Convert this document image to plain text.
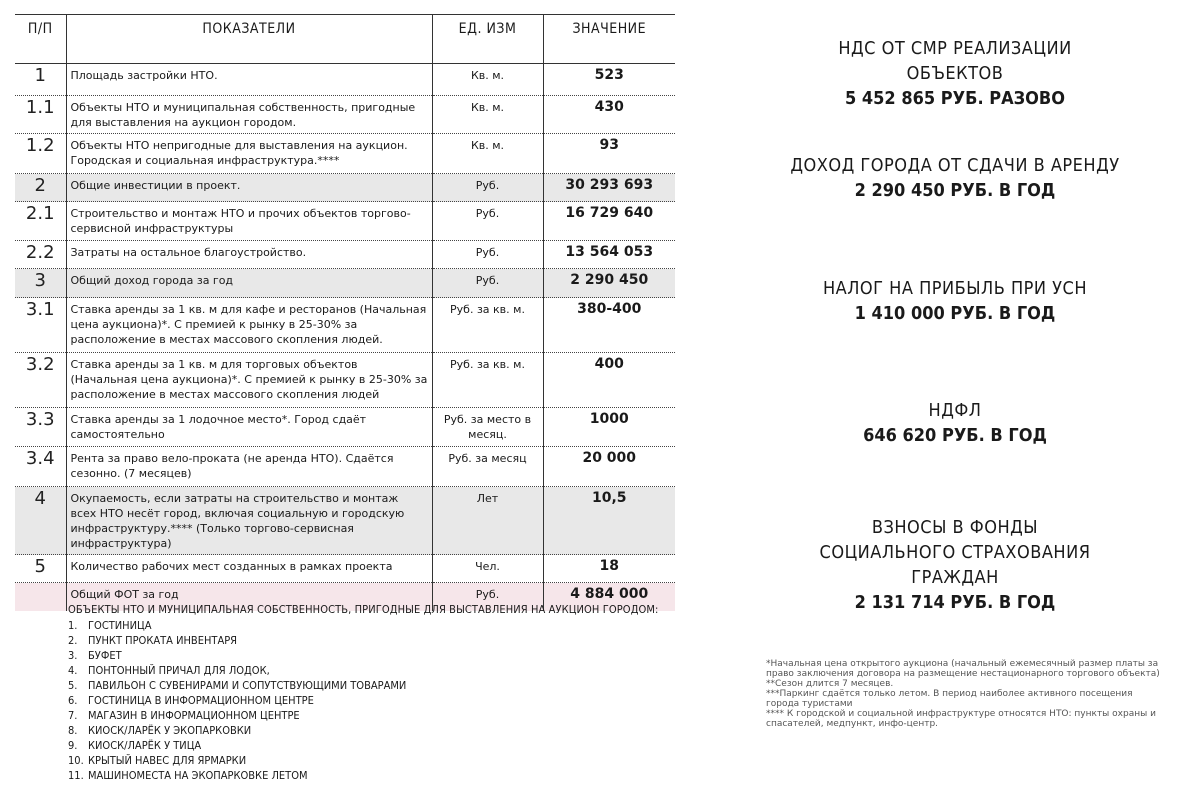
П/П	ПОКАЗАТЕЛИ	ЕД. ИЗМ	ЗНАЧЕНИЕ
1	Площадь застройки НТО.	Кв. м.	523
1.1	Объекты НТО и муниципальная собственность, пригодные для выставления на аукцион городом.	Кв. м.	430
1.2	Объекты НТО непригодные для выставления на аукцион. Городская и социальная инфраструктура.****	Кв. м.	93
2	Общие инвестиции в проект.	Руб.	30 293 693
2.1	Строительство и монтаж НТО и прочих объектов торгово-сервисной инфраструктуры	Руб.	16 729 640
2.2	Затраты на остальное благоустройство.	Руб.	13 564 053
3	Общий доход города за год	Руб.	2 290 450
3.1	Ставка аренды за 1 кв. м для кафе и ресторанов (Начальная цена аукциона)*. С премией к рынку в 25-30% за расположение в местах массового скопления людей.	Руб. за кв. м.	380-400
3.2	Ставка аренды за 1 кв. м для торговых объектов (Начальная цена аукциона)*. С премией к рынку в 25-30% за расположение в местах массового скопления людей	Руб. за кв. м.	400
3.3	Ставка аренды за 1 лодочное место*. Город сдаёт самостоятельно	Руб. за место в месяц.	1000
3.4	Рента за право вело-проката (не аренда НТО). Сдаётся сезонно. (7 месяцев)	Руб. за месяц	20 000
4	Окупаемость, если затраты на строительство и монтаж всех НТО несёт город, включая социальную и городскую инфраструктуру.**** (Только торгово-сервисная инфраструктура)	Лет	10,5
5	Количество рабочих мест созданных в рамках проекта	Чел.	18
	Общий ФОТ за год	Руб.	4 884 000
ОБЪЕКТЫ НТО И МУНИЦИПАЛЬНАЯ СОБСТВЕННОСТЬ, ПРИГОДНЫЕ ДЛЯ ВЫСТАВЛЕНИЯ НА АУКЦИОН ГОРОДОМ:
1. ГОСТИНИЦА
2. ПУНКТ ПРОКАТА ИНВЕНТАРЯ
3. БУФЕТ
4. ПОНТОННЫЙ ПРИЧАЛ ДЛЯ ЛОДОК,
5. ПАВИЛЬОН С СУВЕНИРАМИ И СОПУТСТВУЮЩИМИ ТОВАРАМИ
6. ГОСТИНИЦА В ИНФОРМАЦИОННОМ ЦЕНТРЕ
7. МАГАЗИН В ИНФОРМАЦИОННОМ ЦЕНТРЕ
8. КИОСК/ЛАРЁК У ЭКОПАРКОВКИ
9. КИОСК/ЛАРЁК У ТИЦА
10. КРЫТЫЙ НАВЕС ДЛЯ ЯРМАРКИ
11. МАШИНОМЕСТА НА ЭКОПАРКОВКЕ ЛЕТОМ
НДС ОТ СМР РЕАЛИЗАЦИИ ОБЪЕКТОВ
5 452 865 РУБ. РАЗОВО
ДОХОД ГОРОДА ОТ СДАЧИ В АРЕНДУ
2 290 450 РУБ. В ГОД
НАЛОГ НА ПРИБЫЛЬ ПРИ УСН
1 410 000 РУБ. В ГОД
НДФЛ
646 620 РУБ. В ГОД
ВЗНОСЫ В ФОНДЫ СОЦИАЛЬНОГО СТРАХОВАНИЯ ГРАЖДАН
2 131 714 РУБ. В ГОД
*Начальная цена открытого аукциона (начальный ежемесячный размер платы за право заключения договора на размещение нестационарного торгового объекта)
**Сезон длится 7 месяцев.
***Паркинг сдаётся только летом. В период наиболее активного посещения города туристами
**** К городской и социальной инфраструктуре относятся НТО: пункты охраны и спасателей, медпункт, инфо-центр.
